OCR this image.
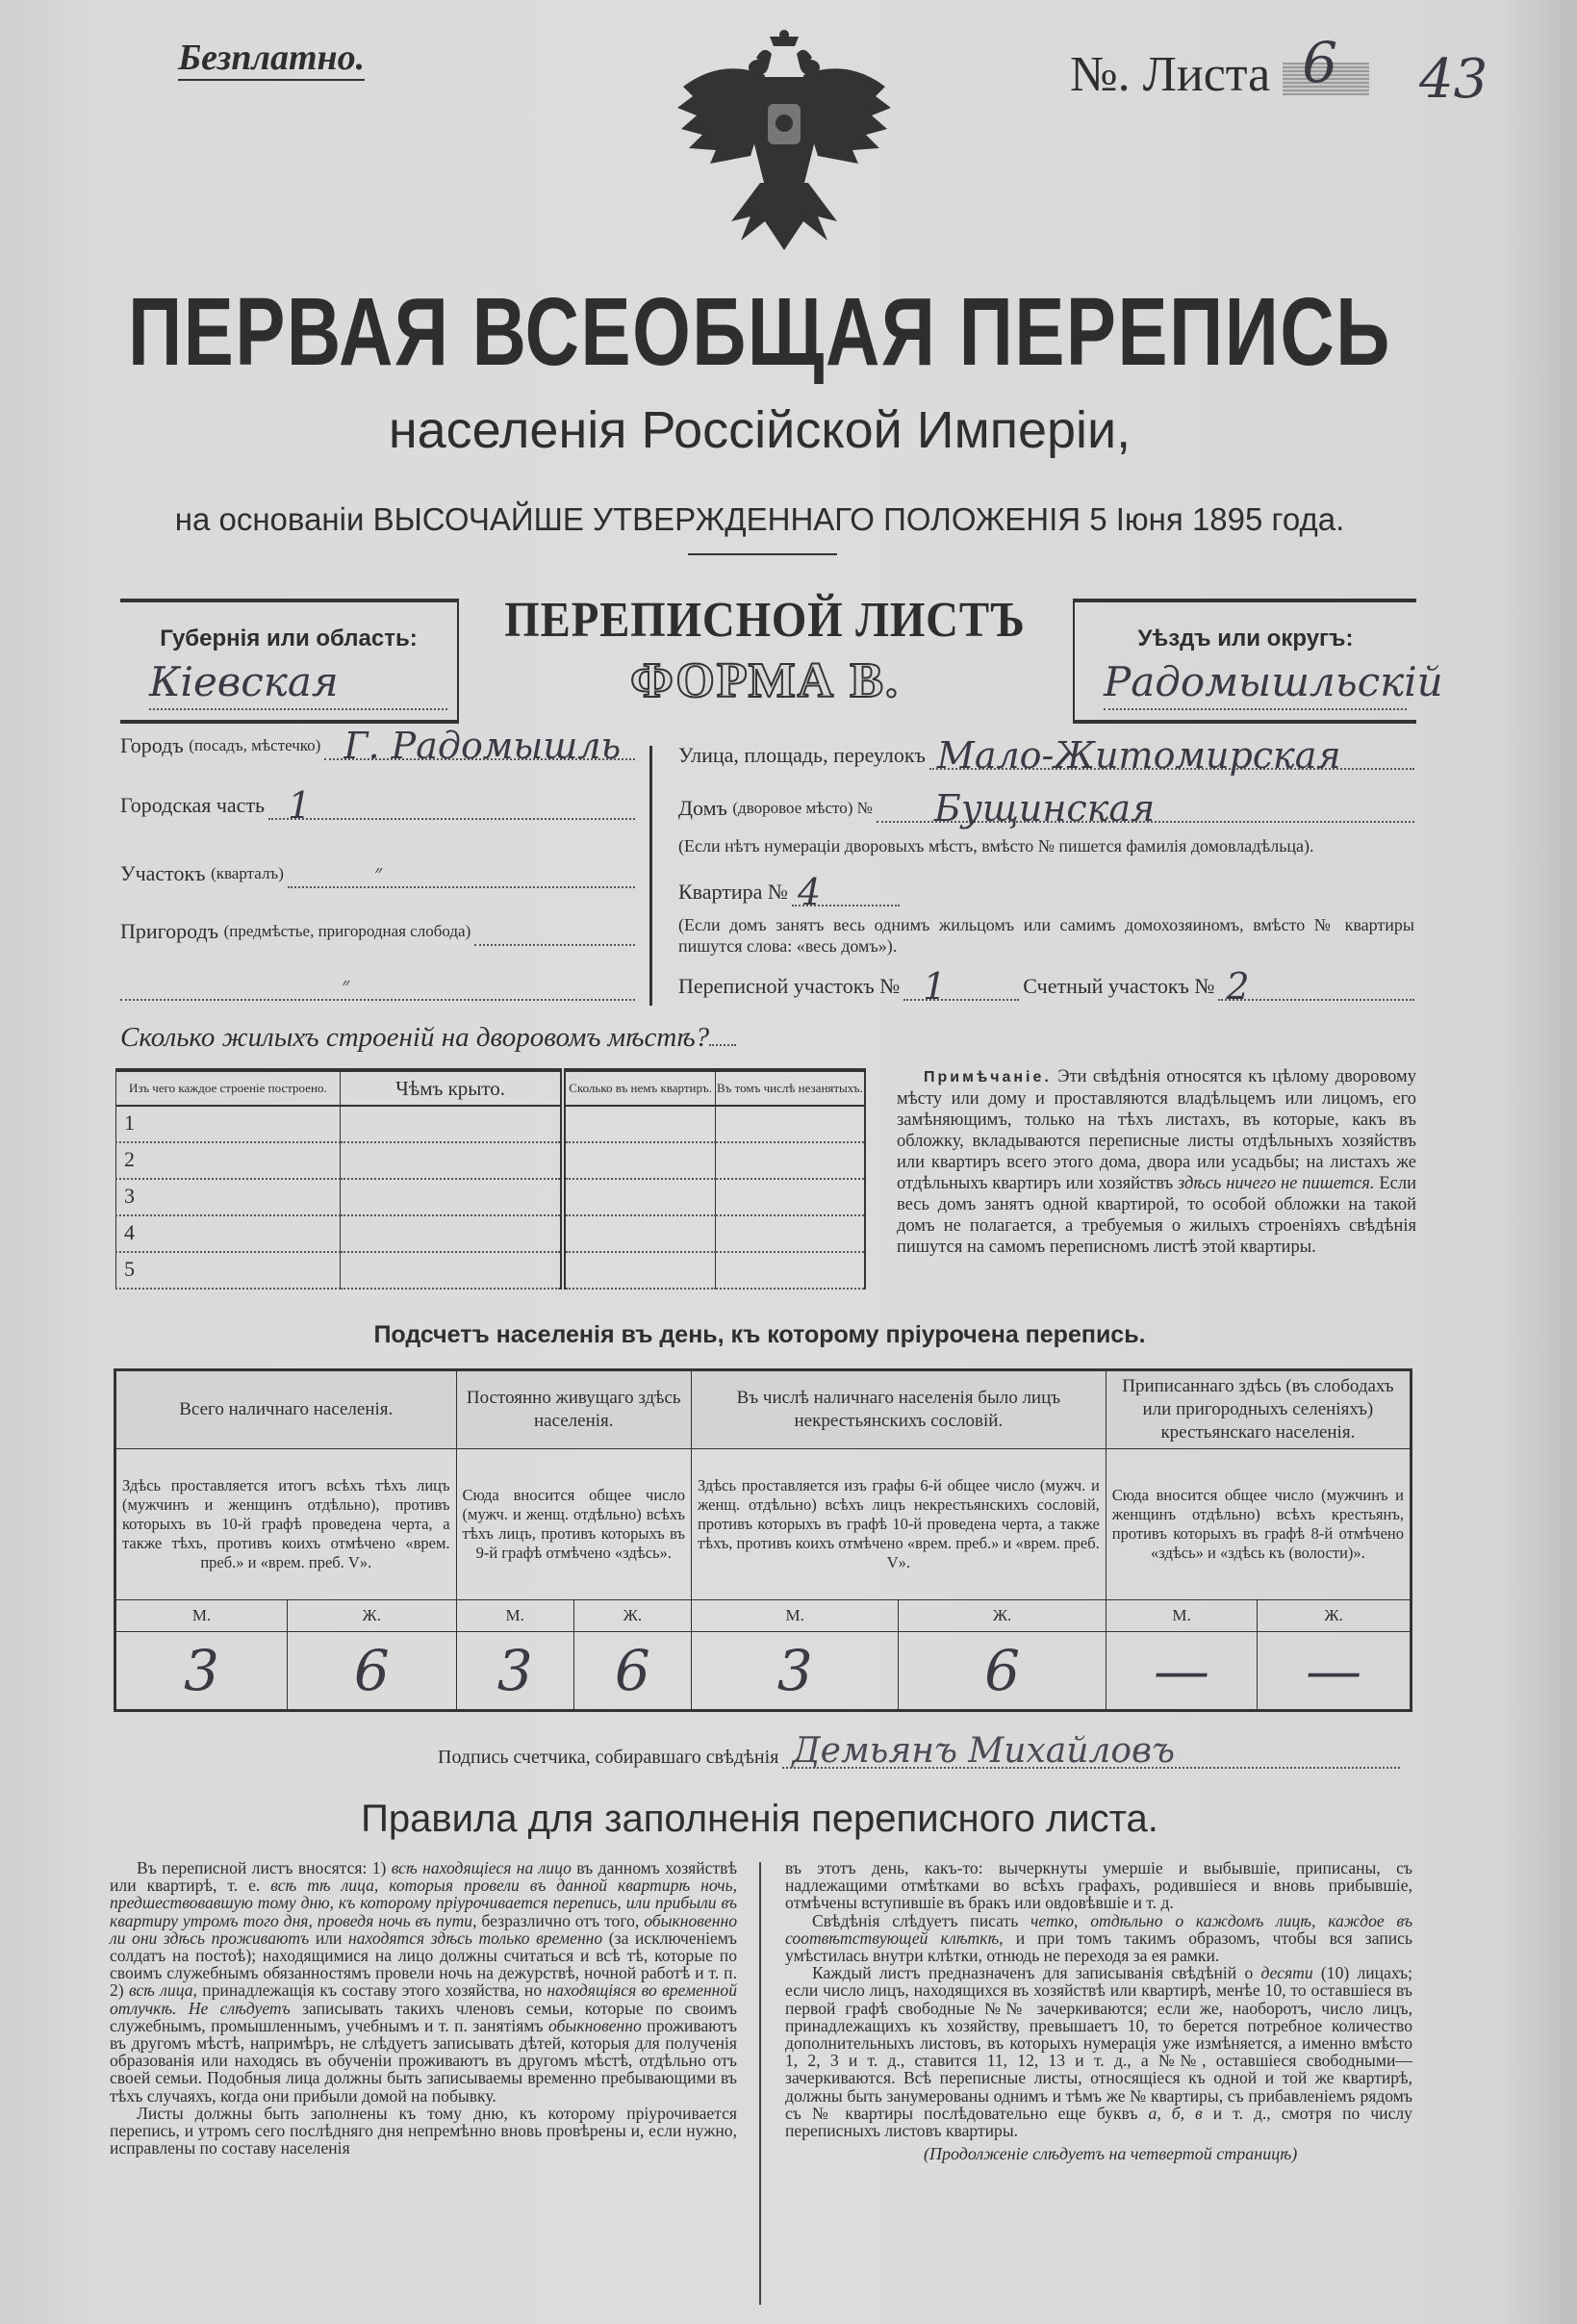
Безплатно.	№. Листа 6 43
ПЕРВАЯ ВСЕОБЩАЯ ПЕРЕПИСЬ
населенія Россійской Имперіи,
на основаніи ВЫСОЧАЙШЕ УТВЕРЖДЕННАГО ПОЛОЖЕНІЯ 5 Іюня 1895 года.
Губернія или область:
Кіевская
ПЕРЕПИСНОЙ ЛИСТЪ
ФОРМА В.
Уѣздъ или округъ:
Радомышльскій
Городъ
(посадъ, мѣстечко) Г. Радомышль
Городская часть 1
Участокъ
(кварталъ)	״
Пригородъ
(предмѣстье, пригородная слобода)
״
Улица, площадь, переулокъ Мало-Житомирская
Домъ
(дворовое мѣсто) № Бущинская
(Если нѣтъ нумераціи дворовыхъ мѣстъ, вмѣсто № пишется фамилія домовладѣльца).
Квартира № 4
(Если домъ занятъ весь однимъ жильцомъ или самимъ домохозяиномъ, вмѣсто № квартиры пишутся слова: «весь домъ»).
Переписной участокъ № 1	Счетный участокъ № 2
Сколько жилыхъ строеній на дворовомъ мѣстѣ?
Изъ чего каждое строеніе построено.	Чѣмъ крыто.	Сколько въ немъ квартиръ.	Въ томъ числѣ незанятыхъ.
1			
2			
3			
4			
5			
Примѣчаніе. Эти свѣдѣнія относятся къ цѣлому дворовому мѣсту или дому и проставляются владѣльцемъ или лицомъ, его замѣняющимъ, только на тѣхъ листахъ, въ которые, какъ въ обложку, вкладываются переписные листы отдѣльныхъ хозяйствъ или квартиръ всего этого дома, двора или усадьбы; на листахъ же отдѣльныхъ квартиръ или хозяйствъ здѣсь ничего не пишется. Если весь домъ занятъ одной квартирой, то особой обложки на такой домъ не полагается, а требуемыя о жилыхъ строеніяхъ свѣдѣнія пишутся на самомъ переписномъ листѣ этой квартиры.
Подсчетъ населенія въ день, къ которому пріурочена перепись.
Всего наличнаго населенія.		Постоянно живущаго здѣсь населенія.		Въ числѣ наличнаго населенія было лицъ некрестьянскихъ сословій.		Приписаннаго здѣсь (въ слободахъ или пригородныхъ селеніяхъ) крестьянскаго населенія.	
Здѣсь проставляется итогъ всѣхъ тѣхъ лицъ (мужчинъ и женщинъ отдѣльно), противъ которыхъ въ 10-й графѣ проведена черта, а также тѣхъ, противъ коихъ отмѣчено «врем. преб.» и «врем. преб. V».		Сюда вносится общее число (мужч. и женщ. отдѣльно) всѣхъ тѣхъ лицъ, противъ которыхъ въ 9-й графѣ отмѣчено «здѣсь».		Здѣсь проставляется изъ графы 6-й общее число (мужч. и женщ. отдѣльно) всѣхъ лицъ некрестьянскихъ сословій, противъ которыхъ въ графѣ 10-й проведена черта, а также тѣхъ, противъ коихъ отмѣчено «врем. преб.» и «врем. преб. V».		Сюда вносится общее число (мужчинъ и женщинъ отдѣльно) всѣхъ крестьянъ, противъ которыхъ въ графѣ 8-й отмѣчено «здѣсь» и «здѣсь къ (волости)».	
М.	Ж.	М.	Ж.	М.	Ж.	М.	Ж.
3	6	3	6	3	6	—	—
Подпись счетчика, собиравшаго свѣдѣнія Демьянъ Михайловъ
Правила для заполненія переписного листа.

Въ переписной листъ вносятся: 1) всѣ находящіеся на лицо въ данномъ хозяйствѣ или квартирѣ, т. е. всѣ тѣ лица, которыя провели въ данной квартирѣ ночь, предшествовавшую тому дню, къ которому пріурочивается перепись, или прибыли въ квартиру утромъ того дня, проведя ночь въ пути, безразлично отъ того, обыкновенно ли они здѣсь проживаютъ или находятся здѣсь только временно (за исключеніемъ солдатъ на постоѣ); находящимися на лицо должны считаться и всѣ тѣ, которые по своимъ служебнымъ обязанностямъ провели ночь на дежурствѣ, ночной работѣ и т. п. 2) всѣ лица, принадлежащія къ составу этого хозяйства, но находящіяся во временной отлучкѣ. Не слѣдуетъ записывать такихъ членовъ семьи, которые по своимъ служебнымъ, промышленнымъ, учебнымъ и т. п. занятіямъ обыкновенно проживаютъ въ другомъ мѣстѣ, напримѣръ, не слѣдуетъ записывать дѣтей, которыя для полученія образованія или находясь въ обученіи проживаютъ въ другомъ мѣстѣ, отдѣльно отъ своей семьи. Подобныя лица должны быть записываемы временно пребывающими въ тѣхъ случаяхъ, когда они прибыли домой на побывку.

Листы должны быть заполнены къ тому дню, къ которому пріурочивается перепись, и утромъ сего послѣдняго дня непремѣнно вновь провѣрены и, если нужно, исправлены по составу населенія

въ этотъ день, какъ-то: вычеркнуты умершіе и выбывшіе, приписаны, съ надлежащими отмѣтками во всѣхъ графахъ, родившіеся и вновь прибывшіе, отмѣчены вступившіе въ бракъ или овдовѣвшіе и т. д.

Свѣдѣнія слѣдуетъ писать четко, отдѣльно о каждомъ лицѣ, каждое въ соотвѣтствующей клѣткѣ, и при томъ такимъ образомъ, чтобы вся запись умѣстилась внутри клѣтки, отнюдь не переходя за ея рамки.

Каждый листъ предназначенъ для записыванія свѣдѣній о десяти (10) лицахъ; если число лицъ, находящихся въ хозяйствѣ или квартирѣ, менѣе 10, то оставшіеся въ первой графѣ свободные №№ зачеркиваются; если же, наоборотъ, число лицъ, принадлежащихъ къ хозяйству, превышаетъ 10, то берется потребное количество дополнительныхъ листовъ, въ которыхъ нумерація уже измѣняется, а именно вмѣсто 1, 2, 3 и т. д., ставится 11, 12, 13 и т. д., а №№, оставшіеся свободными—зачеркиваются. Всѣ переписные листы, относящіеся къ одной и той же квартирѣ, должны быть занумерованы однимъ и тѣмъ же № квартиры, съ прибавленіемъ рядомъ съ № квартиры послѣдовательно еще буквъ а, б, в и т. д., смотря по числу переписныхъ листовъ квартиры.

(Продолженіе слѣдуетъ на четвертой страницѣ)
